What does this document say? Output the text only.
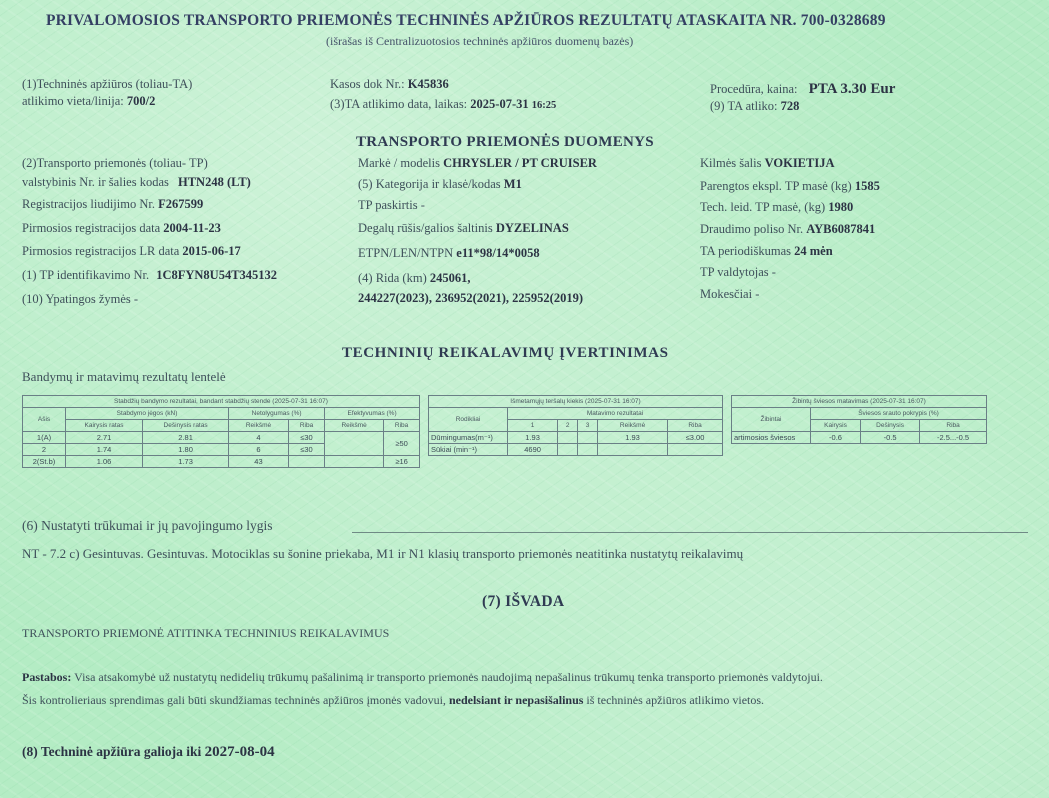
PRIVALOMOSIOS TRANSPORTO PRIEMONĖS TECHNINĖS APŽIŪROS REZULTATŲ ATASKAITA NR. 700-0328689
(išrašas iš Centralizuotosios techninės apžiūros duomenų bazės)
(1)Techninės apžiūros (toliau-TA)
atlikimo vieta/linija: 700/2
Kasos dok Nr.: K45836
(3)TA atlikimo data, laikas: 2025-07-31 16:25
Procedūra, kaina: PTA 3.30 Eur
(9) TA atliko: 728
TRANSPORTO PRIEMONĖS DUOMENYS
(2)Transporto priemonės (toliau- TP)
valstybinis Nr. ir šalies kodas HTN248 (LT)
Registracijos liudijimo Nr. F267599
Pirmosios registracijos data 2004-11-23
Pirmosios registracijos LR data 2015-06-17
(1) TP identifikavimo Nr. 1C8FYN8U54T345132
(10) Ypatingos žymės -
Markė / modelis CHRYSLER / PT CRUISER
(5) Kategorija ir klasė/kodas M1
TP paskirtis -
Degalų rūšis/galios šaltinis DYZELINAS
ETPN/LEN/NTPN e11*98/14*0058
(4) Rida (km) 245061,
244227(2023), 236952(2021), 225952(2019)
Kilmės šalis VOKIETIJA
Parengtos ekspl. TP masė (kg) 1585
Tech. leid. TP masė, (kg) 1980
Draudimo poliso Nr. AYB6087841
TA periodiškumas 24 mėn
TP valdytojas -
Mokesčiai -
TECHNINIŲ REIKALAVIMŲ ĮVERTINIMAS
Bandymų ir matavimų rezultatų lentelė
Stabdžių bandymo rezultatai, bandant stabdžių stende (2025-07-31 16:07)						
Ašis	Stabdymo jėgos (kN)		Netolygumas (%)		Efektyvumas (%)	
	Kairysis ratas	Dešinysis ratas	Reikšmė	Riba	Reikšmė	Riba
1(A)	2.71	2.81	4	≤30		≥50
2	1.74	1.80	6	≤30		
2(St.b)	1.06	1.73	43			≥16
Išmetamųjų teršalų kiekis (2025-07-31 16:07)					
Rodikliai	Matavimo rezultatai				
	1	2	3	Reikšmė	Riba
Dūmingumas(m⁻¹)	1.93			1.93	≤3.00
Sūkiai (min⁻¹)	4690				
Žibintų šviesos matavimas (2025-07-31 16:07)			
Žibintai	Šviesos srauto pokrypis (%)		
	Kairysis	Dešinysis	Riba
artimosios šviesos	-0.6	-0.5	-2.5...-0.5
(6) Nustatyti trūkumai ir jų pavojingumo lygis
NT - 7.2 c) Gesintuvas. Gesintuvas. Motociklas su šonine priekaba, M1 ir N1 klasių transporto priemonės neatitinka nustatytų reikalavimų
(7) IŠVADA
TRANSPORTO PRIEMONĖ ATITINKA TECHNINIUS REIKALAVIMUS
Pastabos: Visa atsakomybė už nustatytų nedidelių trūkumų pašalinimą ir transporto priemonės naudojimą nepašalinus trūkumų tenka transporto priemonės valdytojui.
Šis kontrolieriaus sprendimas gali būti skundžiamas techninės apžiūros įmonės vadovui, nedelsiant ir nepasišalinus iš techninės apžiūros atlikimo vietos.
(8) Techninė apžiūra galioja iki 2027-08-04
